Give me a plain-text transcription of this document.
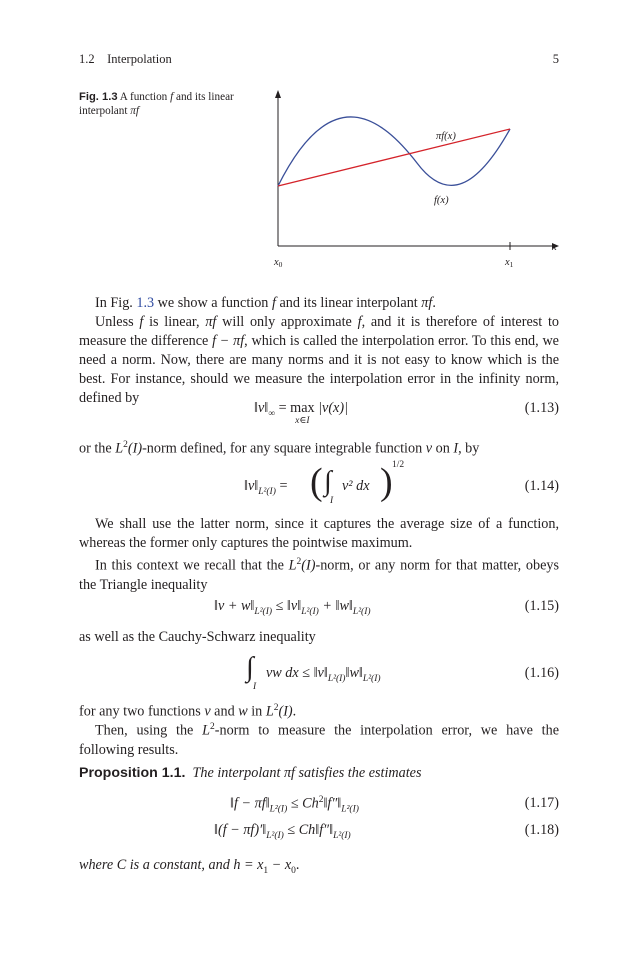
1.2 Interpolation	5
Fig. 1.3 A function f and its linear interpolant πf
πf(x)
f(x)
x
x0	x1
In Fig. 1.3 we show a function f and its linear interpolant πf.
Unless f is linear, πf will only approximate f, and it is therefore of interest to measure the difference f − πf, which is called the interpolation error. To this end, we need a norm. Now, there are many norms and it is not easy to know which is the best. For instance, should we measure the interpolation error in the infinity norm, defined by
$‖v‖_\infty = \max$
x∈I
|v(x)|	(1.13)
or the $L^2(I)$-norm defined, for any square integrable function v on I, by
$‖v‖_{L^2(I)}$ = ( ∫
I
v² dx ) 1/2
(1.14)
We shall use the latter norm, since it captures the average size of a function, whereas the former only captures the pointwise maximum.
In this context we recall that the $L^2(I)$-norm, or any norm for that matter, obeys the Triangle inequality
‖v + $w‖_{L^2(I)}$ ≤ $‖v‖_{L^2(I)}$ + $‖w‖_{L^2(I)}$	(1.15)
as well as the Cauchy-Schwarz inequality
∫
I
vw dx ≤ $‖v‖_{L^2(I)}‖w‖_{L^2(I)}$	(1.16)
for any two functions v and w in $L^2(I)$.
Then, using the $L^2$-norm to measure the interpolation error, we have the following results.
Proposition 1.1. The interpolant πf satisfies the estimates
‖f − $\pi f‖_{L^2(I)}$ ≤ $Ch^2‖f''‖_{L^2(I)}$	(1.17)
‖(f − $\pi f)'‖_{L^2(I)}$ ≤ $Ch‖f''‖_{L^2(I)}$	(1.18)
where C is a constant, and $h = x_1 - x_0$.
